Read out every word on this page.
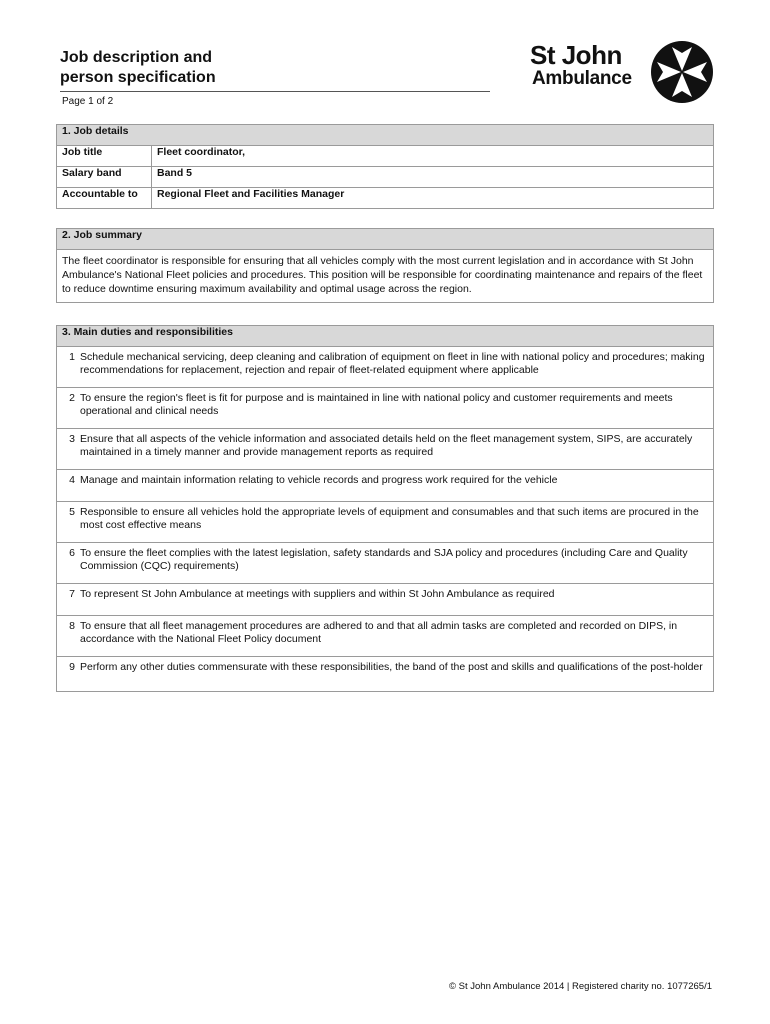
Job description and
person specification
Page 1 of 2
St John
Ambulance
1. Job details	
Job title	Fleet coordinator,
Salary band	Band 5
Accountable to	Regional Fleet and Facilities Manager
2. Job summary
The fleet coordinator is responsible for ensuring that all vehicles comply with the most current legislation and in accordance with St John Ambulance's National Fleet policies and procedures. This position will be responsible for coordinating maintenance and repairs of the fleet to reduce downtime ensuring maximum availability and optimal usage across the region.
3. Main duties and responsibilities	
1	Schedule mechanical servicing, deep cleaning and calibration of equipment on fleet in line with national policy and procedures; making recommendations for replacement, rejection and repair of fleet-related equipment where applicable
2	To ensure the region's fleet is fit for purpose and is maintained in line with national policy and customer requirements and meets operational and clinical needs
3	Ensure that all aspects of the vehicle information and associated details held on the fleet management system, SIPS, are accurately maintained in a timely manner and provide management reports as required
4	Manage and maintain information relating to vehicle records and progress work required for the vehicle
5	Responsible to ensure all vehicles hold the appropriate levels of equipment and consumables and that such items are procured in the most cost effective means
6	To ensure the fleet complies with the latest legislation, safety standards and SJA policy and procedures (including Care and Quality Commission (CQC) requirements)
7	To represent St John Ambulance at meetings with suppliers and within St John Ambulance as required
8	To ensure that all fleet management procedures are adhered to and that all admin tasks are completed and recorded on DIPS, in accordance with the National Fleet Policy document
9	Perform any other duties commensurate with these responsibilities, the band of the post and skills and qualifications of the post-holder
© St John Ambulance 2014 | Registered charity no. 1077265/1
